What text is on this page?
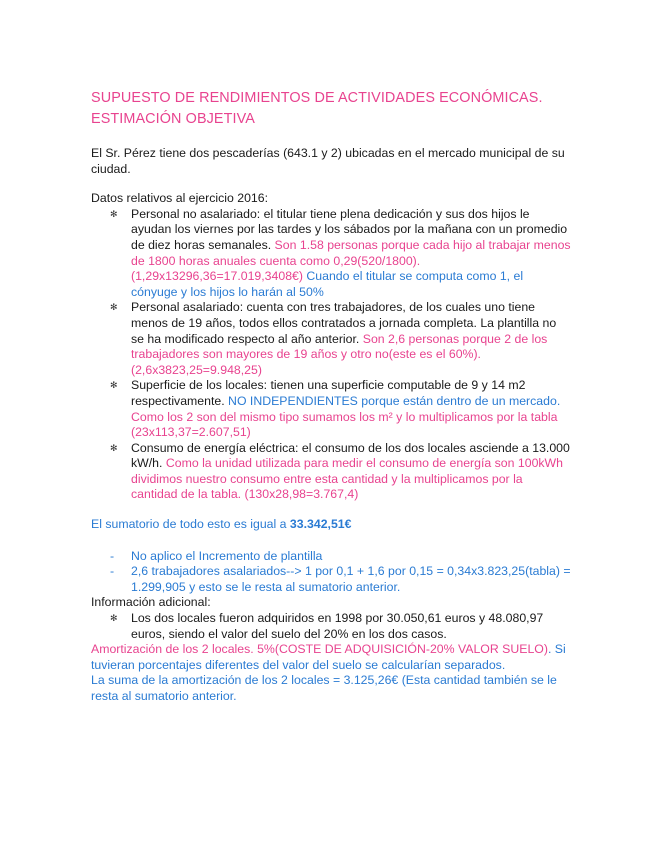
SUPUESTO DE RENDIMIENTOS DE ACTIVIDADES ECONÓMICAS. ESTIMACIÓN OBJETIVA

El Sr. Pérez tiene dos pescaderías (643.1 y 2) ubicadas en el mercado municipal de su ciudad.

Datos relativos al ejercicio 2016:

✻ Personal no asalariado: el titular tiene plena dedicación y sus dos hijos le ayudan los viernes por las tardes y los sábados por la mañana con un promedio de diez horas semanales. Son 1.58 personas porque cada hijo al trabajar menos de 1800 horas anuales cuenta como 0,29(520/1800). (1,29x13296,36=17.019,3408€) Cuando el titular se computa como 1, el cónyuge y los hijos lo harán al 50%
✻ Personal asalariado: cuenta con tres trabajadores, de los cuales uno tiene menos de 19 años, todos ellos contratados a jornada completa. La plantilla no se ha modificado respecto al año anterior. Son 2,6 personas porque 2 de los trabajadores son mayores de 19 años y otro no(este es el 60%). (2,6x3823,25=9.948,25)
✻ Superficie de los locales: tienen una superficie computable de 9 y 14 m2 respectivamente. NO INDEPENDIENTES porque están dentro de un mercado. Como los 2 son del mismo tipo sumamos los m² y lo multiplicamos por la tabla (23x113,37=2.607,51)
✻ Consumo de energía eléctrica: el consumo de los dos locales asciende a 13.000 kW/h. Como la unidad utilizada para medir el consumo de energía son 100kWh dividimos nuestro consumo entre esta cantidad y la multiplicamos por la cantidad de la tabla. (130x28,98=3.767,4)

El sumatorio de todo esto es igual a 33.342,51€

- No aplico el Incremento de plantilla
- 2,6 trabajadores asalariados--> 1 por 0,1 + 1,6 por 0,15 = 0,34x3.823,25(tabla) = 1.299,905 y esto se le resta al sumatorio anterior.

Información adicional:

✻ Los dos locales fueron adquiridos en 1998 por 30.050,61 euros y 48.080,97 euros, siendo el valor del suelo del 20% en los dos casos.

Amortización de los 2 locales. 5%(COSTE DE ADQUISICIÓN-20% VALOR SUELO). Si tuvieran porcentajes diferentes del valor del suelo se calcularían separados.

La suma de la amortización de los 2 locales = 3.125,26€ (Esta cantidad también se le resta al sumatorio anterior.
